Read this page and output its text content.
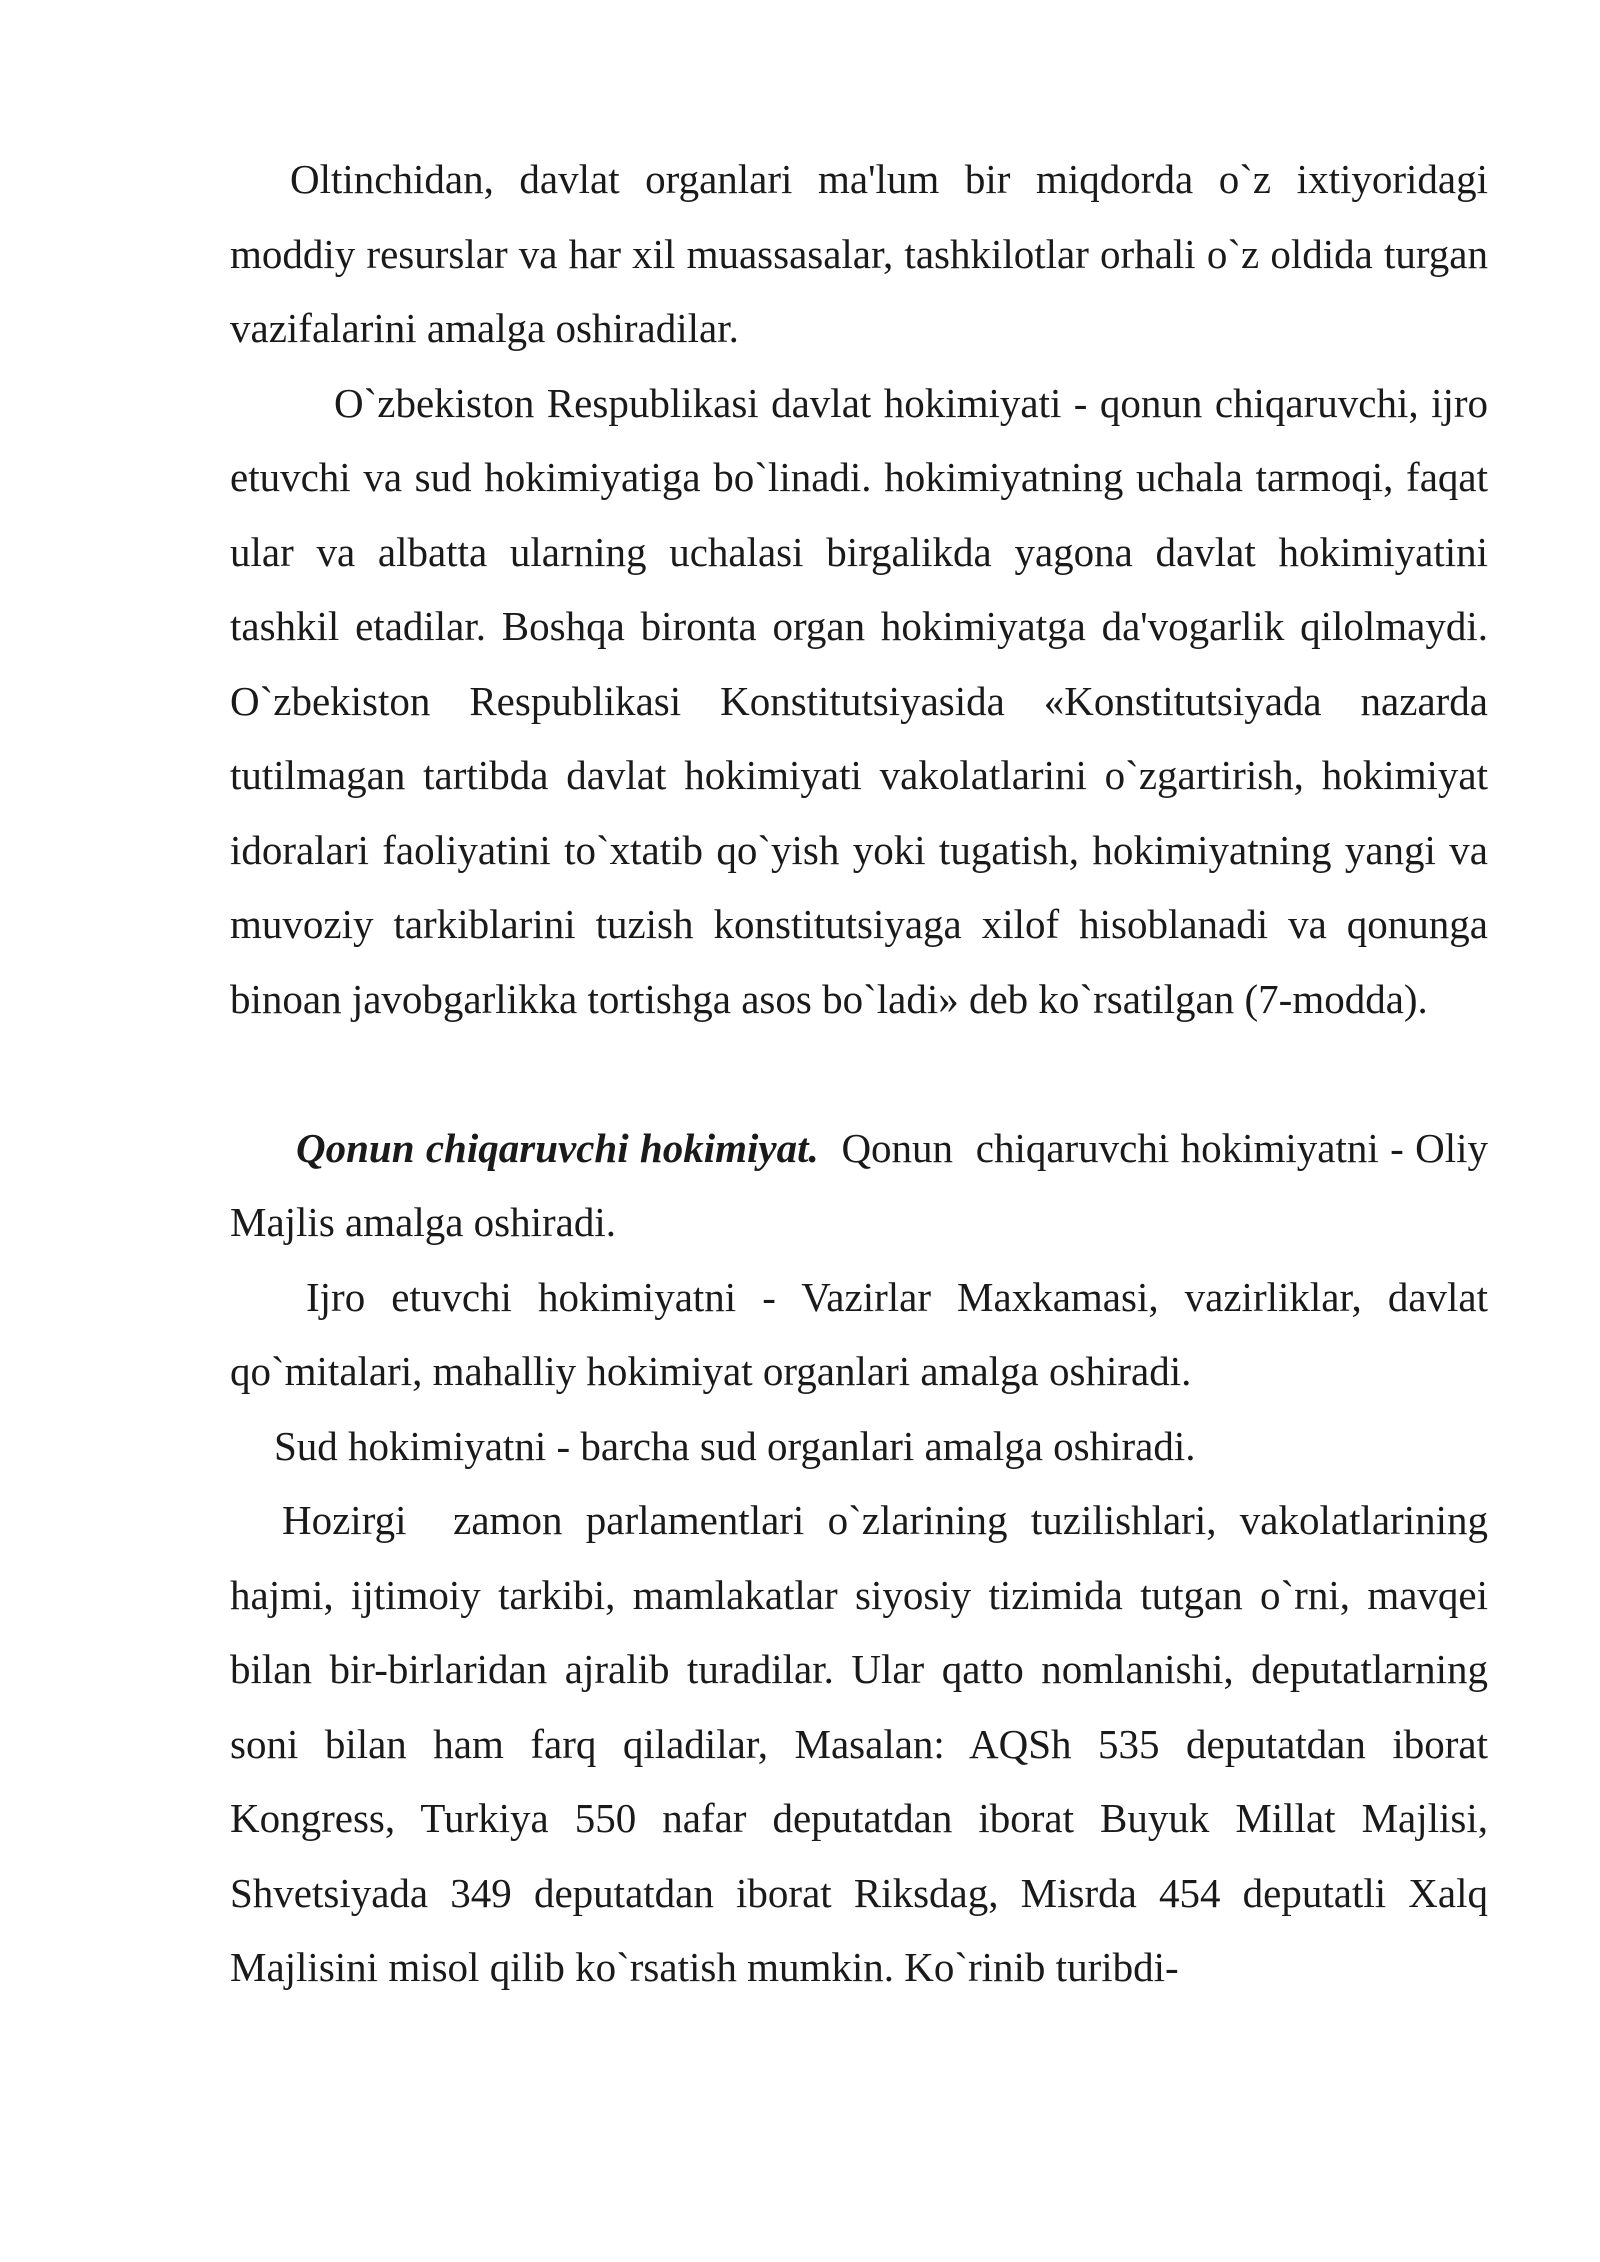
Oltinchidan, davlat organlari ma'lum bir miqdorda o`z ixtiyoridagi moddiy resurslar va har xil muassasalar, tashkilotlar orhali o`z oldida turgan vazifalarini amalga oshiradilar.

O`zbekiston Respublikasi davlat hokimiyati - qonun chiqaruvchi, ijro etuvchi va sud hokimiyatiga bo`linadi. hokimiyatning uchala tarmoqi, faqat ular va albatta ularning uchalasi birgalikda yagona davlat hokimiyatini tashkil etadilar. Boshqa bironta organ hokimiyatga da'vogarlik qilolmaydi. O`zbekiston Respublikasi Konstitutsiyasida «Konstitutsiyada nazarda tutilmagan tartibda davlat hokimiyati vakolatlarini o`zgartirish, hokimiyat idoralari faoliyatini to`xtatib qo`yish yoki tugatish, hokimiyatning yangi va muvoziy tarkiblarini tuzish konstitutsiyaga xilof hisoblanadi va qonunga binoan javobgarlikka tortishga asos bo`ladi» deb ko`rsatilgan (7-modda).

Qonun chiqaruvchi hokimiyat.  Qonun  chiqaruvchi hokimiyatni - Oliy Majlis amalga oshiradi.

Ijro etuvchi hokimiyatni - Vazirlar Maxkamasi, vazirliklar, davlat qo`mitalari, mahalliy hokimiyat organlari amalga oshiradi.

Sud hokimiyatni - barcha sud organlari amalga oshiradi.

Hozirgi  zamon parlamentlari o`zlarining tuzilishlari, vakolatlarining hajmi, ijtimoiy tarkibi, mamlakatlar siyosiy tizimida tutgan o`rni, mavqei bilan bir-birlaridan ajralib turadilar. Ular qatto nomlanishi, deputatlarning soni bilan ham farq qiladilar, Masalan: AQSh 535 deputatdan iborat Kongress, Turkiya 550 nafar deputatdan iborat Buyuk Millat Majlisi, Shvetsiyada 349 deputatdan iborat Riksdag, Misrda 454 deputatli Xalq Majlisini misol qilib ko`rsatish mumkin. Ko`rinib turibdi-
